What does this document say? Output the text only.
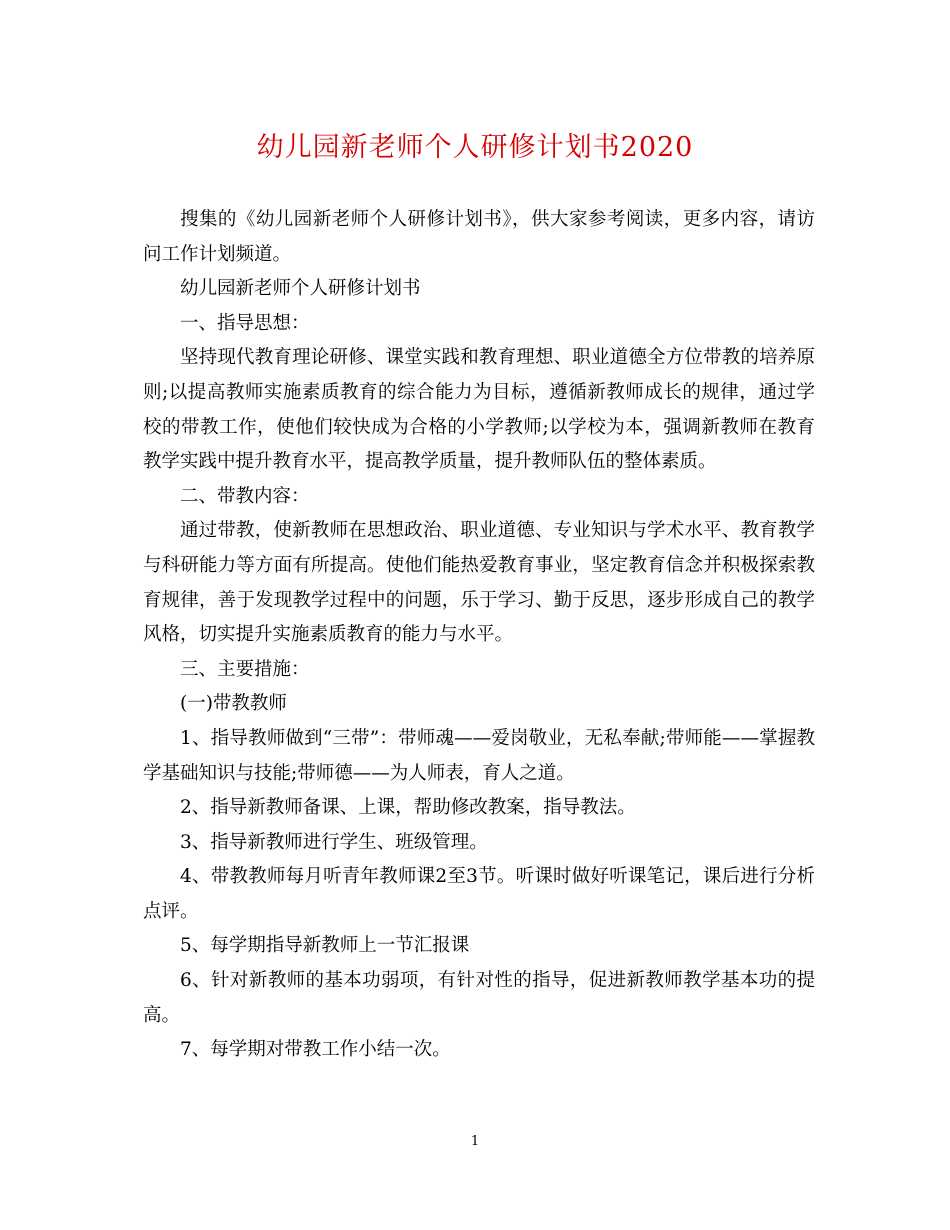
幼儿园新老师个人研修计划书2020

搜集的《幼儿园新老师个人研修计划书》，供大家参考阅读，更多内容，请访问工作计划频道。

幼儿园新老师个人研修计划书

一、指导思想：

坚持现代教育理论研修、课堂实践和教育理想、职业道德全方位带教的培养原则;以提高教师实施素质教育的综合能力为目标，遵循新教师成长的规律，通过学校的带教工作，使他们较快成为合格的小学教师;以学校为本，强调新教师在教育教学实践中提升教育水平，提高教学质量，提升教师队伍的整体素质。

二、带教内容：

通过带教，使新教师在思想政治、职业道德、专业知识与学术水平、教育教学与科研能力等方面有所提高。使他们能热爱教育事业，坚定教育信念并积极探索教育规律，善于发现教学过程中的问题，乐于学习、勤于反思，逐步形成自己的教学风格，切实提升实施素质教育的能力与水平。

三、主要措施：

(一)带教教师

1、指导教师做到“三带”：带师魂——爱岗敬业，无私奉献;带师能——掌握教学基础知识与技能;带师德——为人师表，育人之道。

2、指导新教师备课、上课，帮助修改教案，指导教法。

3、指导新教师进行学生、班级管理。

4、带教教师每月听青年教师课2至3节。听课时做好听课笔记，课后进行分析点评。

5、每学期指导新教师上一节汇报课

6、针对新教师的基本功弱项，有针对性的指导，促进新教师教学基本功的提高。

7、每学期对带教工作小结一次。

1
